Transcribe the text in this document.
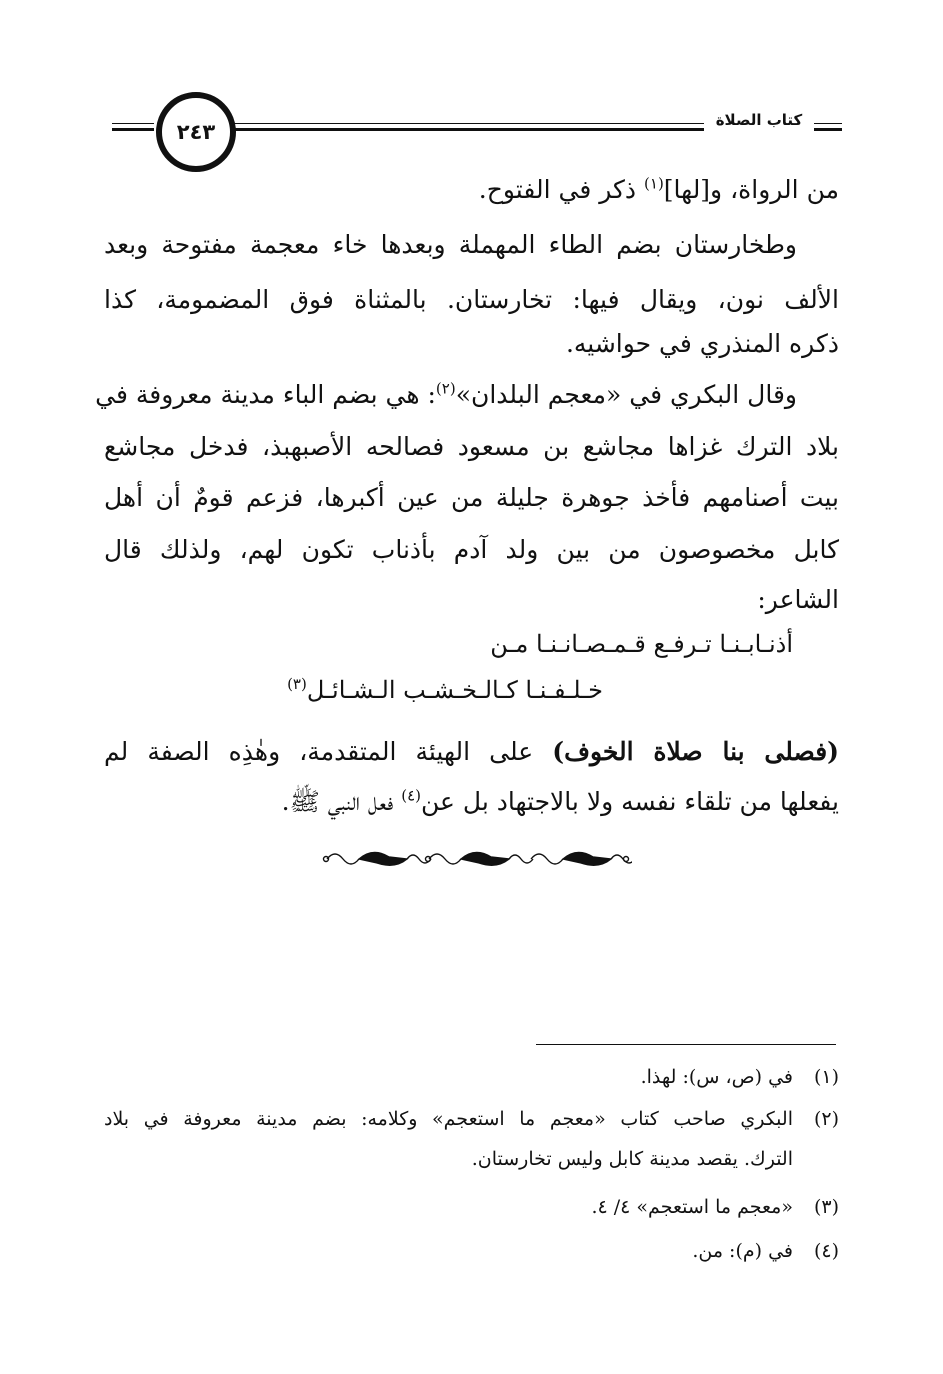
كتاب الصلاة
٢٤٣
من الرواة، و[لها]$^{(١)}$ ذكر في الفتوح.
وطخارستان بضم الطاء المهملة وبعدها خاء معجمة مفتوحة وبعد
الألف نون، ويقال فيها: تخارستان. بالمثناة فوق المضمومة، كذا
ذكره المنذري في حواشيه.
وقال البكري في «معجم البلدان»$^{(٢)}$: هي بضم الباء مدينة معروفة في
بلاد الترك غزاها مجاشع بن مسعود فصالحه الأصبهبذ، فدخل مجاشع
بيت أصنامهم فأخذ جوهرة جليلة من عين أكبرها، فزعم قومٌ أن أهل
كابل مخصوصون من بين ولد آدم بأذناب تكون لهم، ولذلك قال
الشاعر:
أذنـابـنـا تـرفـع قـمـصـانـنـا مـن
خـلـفـنـا كـالـخـشـب الـشـائـل$^{(٣)}$
(فصلى بنا صلاة الخوف) على الهيئة المتقدمة، وهٰذِه الصفة لم
يفعلها من تلقاء نفسه ولا بالاجتهاد بل عن$^{(٤)}$ فعل النبي ﷺ.
(١)في (ص، س): لهذا.
(٢)البكري صاحب كتاب «معجم ما استعجم» وكلامه: بضم مدينة معروفة في بلاد
الترك. يقصد مدينة كابل وليس تخارستان.
(٣)«معجم ما استعجم» ٤/ ٤.
(٤)في (م): من.
